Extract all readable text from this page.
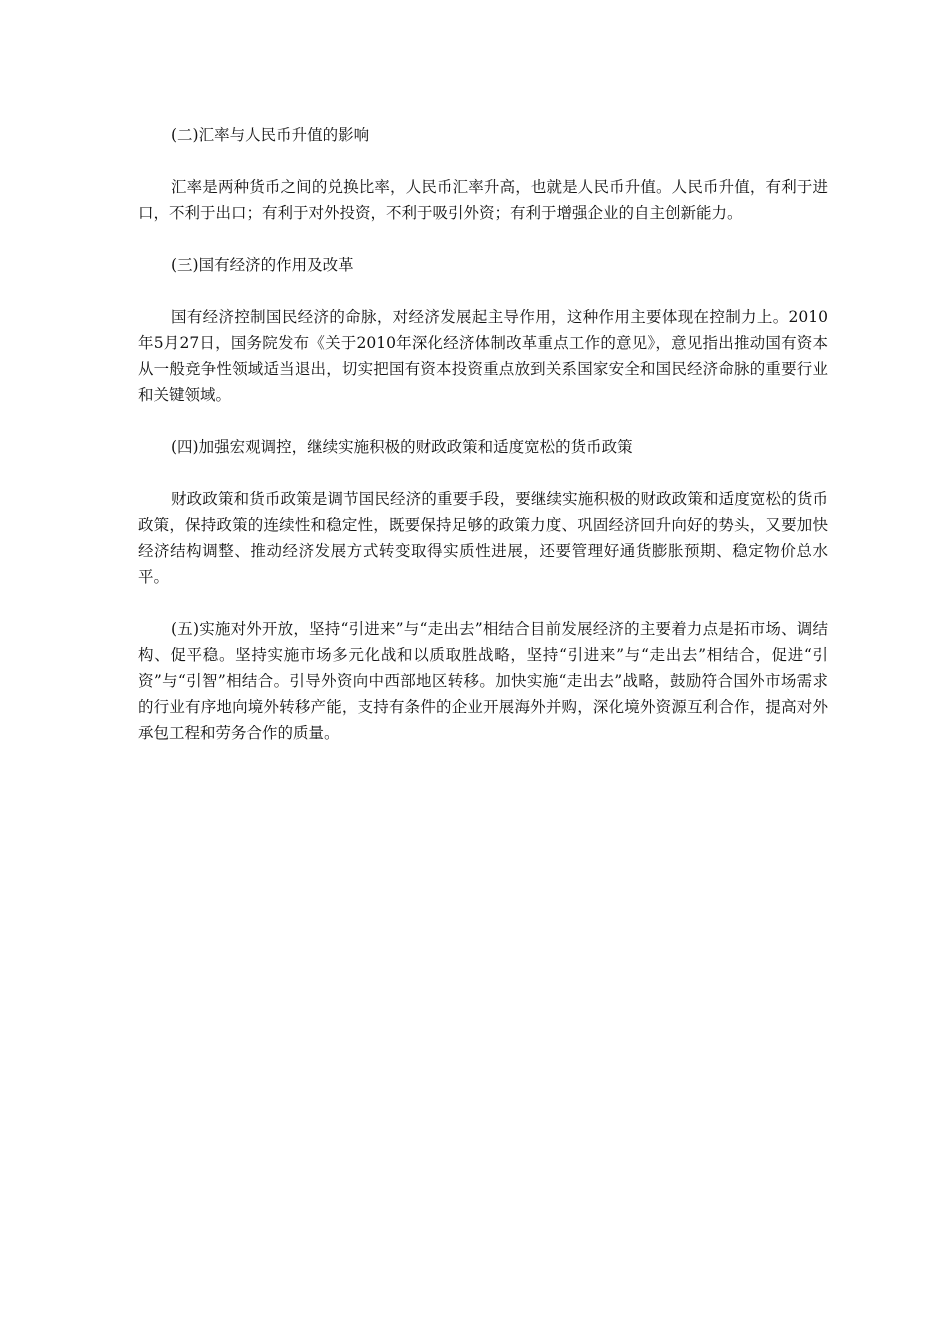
(二)汇率与人民币升值的影响

汇率是两种货币之间的兑换比率，人民币汇率升高，也就是人民币升值。人民币升值，有利于进口，不利于出口；有利于对外投资，不利于吸引外资；有利于增强企业的自主创新能力。

(三)国有经济的作用及改革

国有经济控制国民经济的命脉，对经济发展起主导作用，这种作用主要体现在控制力上。2010年5月27日，国务院发布《关于2010年深化经济体制改革重点工作的意见》，意见指出推动国有资本从一般竞争性领域适当退出，切实把国有资本投资重点放到关系国家安全和国民经济命脉的重要行业和关键领域。

(四)加强宏观调控，继续实施积极的财政政策和适度宽松的货币政策

财政政策和货币政策是调节国民经济的重要手段，要继续实施积极的财政政策和适度宽松的货币政策，保持政策的连续性和稳定性，既要保持足够的政策力度、巩固经济回升向好的势头，又要加快经济结构调整、推动经济发展方式转变取得实质性进展，还要管理好通货膨胀预期、稳定物价总水平。

(五)实施对外开放，坚持“引进来”与“走出去”相结合目前发展经济的主要着力点是拓市场、调结构、促平稳。坚持实施市场多元化战和以质取胜战略，坚持“引进来”与“走出去”相结合，促进“引资”与“引智”相结合。引导外资向中西部地区转移。加快实施“走出去”战略，鼓励符合国外市场需求的行业有序地向境外转移产能，支持有条件的企业开展海外并购，深化境外资源互利合作，提高对外承包工程和劳务合作的质量。
